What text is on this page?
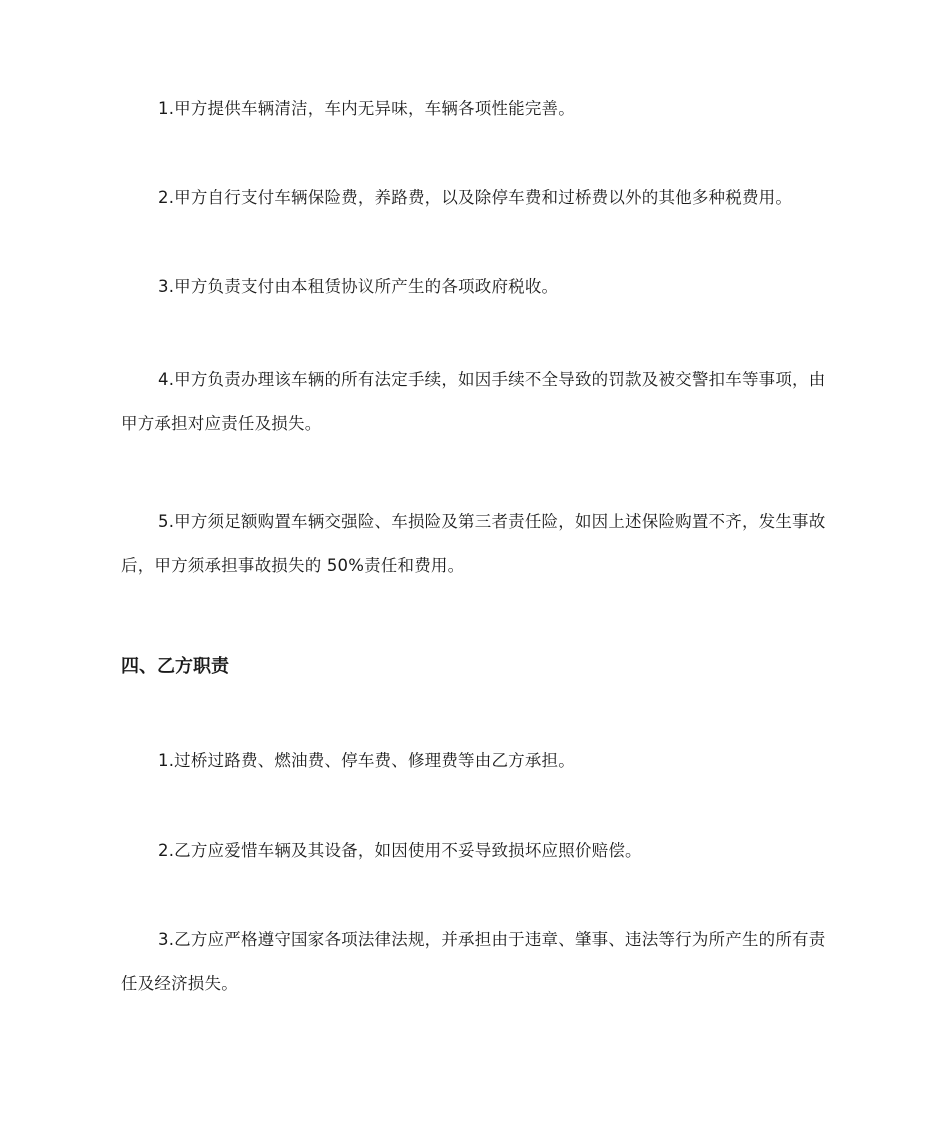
1.甲方提供车辆清洁，车内无异味，车辆各项性能完善。

2.甲方自行支付车辆保险费，养路费，以及除停车费和过桥费以外的其他多种税费用。

3.甲方负责支付由本租赁协议所产生的各项政府税收。

4.甲方负责办理该车辆的所有法定手续，如因手续不全导致的罚款及被交警扣车等事项，由甲方承担对应责任及损失。

5.甲方须足额购置车辆交强险、车损险及第三者责任险，如因上述保险购置不齐，发生事故后，甲方须承担事故损失的 50%责任和费用。

四、乙方职责

1.过桥过路费、燃油费、停车费、修理费等由乙方承担。

2.乙方应爱惜车辆及其设备，如因使用不妥导致损坏应照价赔偿。

3.乙方应严格遵守国家各项法律法规，并承担由于违章、肇事、违法等行为所产生的所有责任及经济损失。
